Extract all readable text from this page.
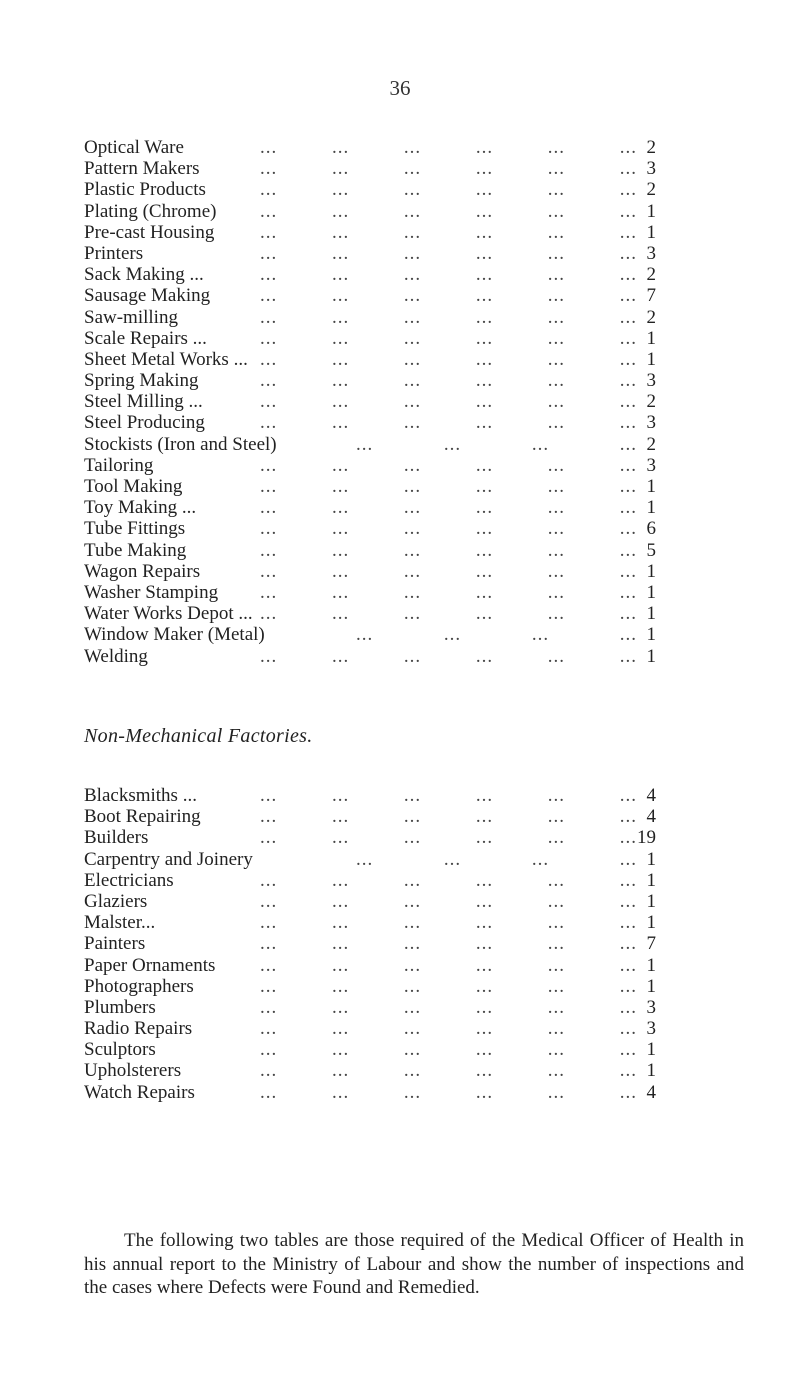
36
Optical Ware	...	...	...	...	...	... 2
Pattern Makers	...	...	...	...	...	... 3
Plastic Products	...	...	...	...	...	... 2
Plating (Chrome) ...	...	...	...	...	... 1
Pre-cast Housing ...	...	...	...	...	... 1
Printers	...	...	...	...	...	... 3
Sack Making ...	...	...	...	...	...	... 2
Sausage Making	...	...	...	...	...	... 7
Saw-milling	...	...	...	...	...	... 2
Scale Repairs ...	...	...	...	...	...	... 1
Sheet Metal Works ... ...	...	...	...	...	... 1
Spring Making	...	...	...	...	...	... 3
Steel Milling ...	...	...	...	...	...	... 2
Steel Producing	...	...	...	...	...	... 3
Stockists (Iron and Steel)	...	...	...	... 2
Tailoring	...	...	...	...	...	... 3
Tool Making	...	...	...	...	...	... 1
Toy Making ...	...	...	...	...	...	... 1
Tube Fittings	...	...	...	...	...	... 6
Tube Making	...	...	...	...	...	... 5
Wagon Repairs	...	...	...	...	...	... 1
Washer Stamping ...	...	...	...	...	... 1
Water Works Depot ... ...	...	...	...	...	... 1
Window Maker (Metal)	...	...	...	... 1
Welding	...	...	...	...	...	... 1
Non-Mechanical Factories.
Blacksmiths ...	...	...	...	...	...	... 4
Boot Repairing	...	...	...	...	...	... 4
Builders	...	...	...	...	...	... 19
Carpentry and Joinery	...	...	...	... 1
Electricians	...	...	...	...	...	... 1
Glaziers	...	...	...	...	...	... 1
Malster...	...	...	...	...	...	... 1
Painters	...	...	...	...	...	... 7
Paper Ornaments ...	...	...	...	...	... 1
Photographers	...	...	...	...	...	... 1
Plumbers	...	...	...	...	...	... 3
Radio Repairs	...	...	...	...	...	... 3
Sculptors	...	...	...	...	...	... 1
Upholsterers	...	...	...	...	...	... 1
Watch Repairs	...	...	...	...	...	... 4

The following two tables are those required of the Medical Officer of Health in his annual report to the Ministry of Labour and show the number of inspections and the cases where Defects were Found and Remedied.
